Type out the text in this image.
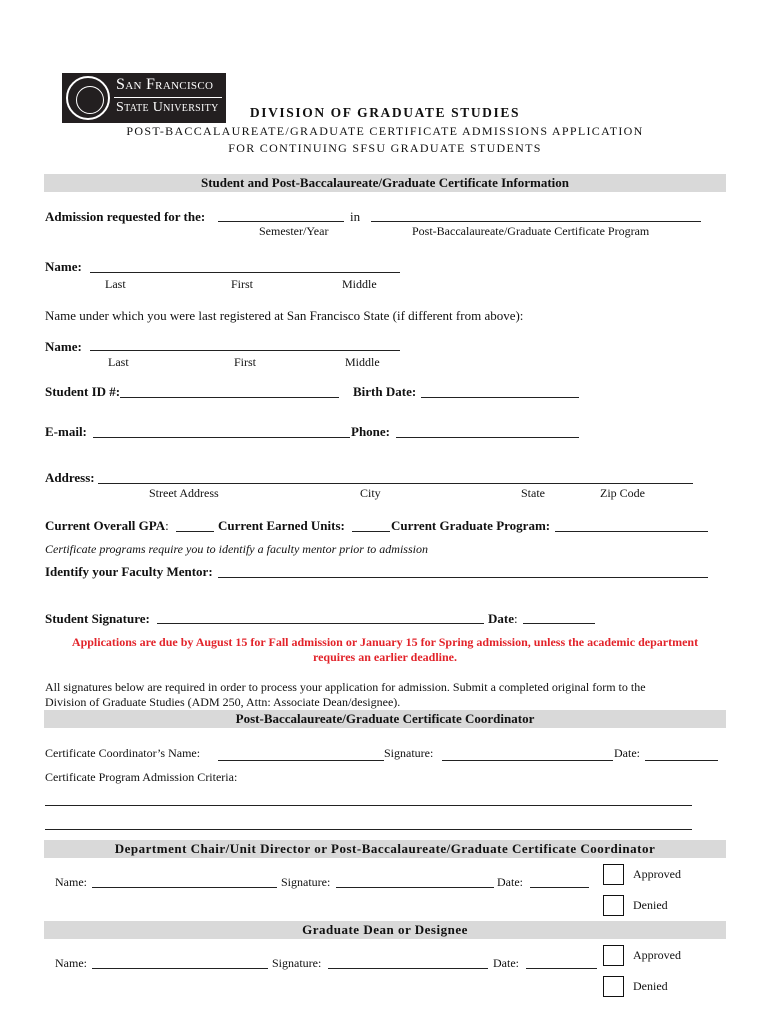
San Francisco
State University	DIVISION OF GRADUATE STUDIES
POST-BACCALAUREATE/GRADUATE CERTIFICATE ADMISSIONS APPLICATION
FOR CONTINUING SFSU GRADUATE STUDENTS
Student and Post-Baccalaureate/Graduate Certificate Information
Admission requested for the:	in
Semester/Year	Post-Baccalaureate/Graduate Certificate Program
Name:
Last	First	Middle
Name under which you were last registered at San Francisco State (if different from above):
Name:
Last	First	Middle
Student ID #:	Birth Date:
E-mail:	Phone:
Address:
Street Address	City	State	Zip Code
Current Overall GPA:	Current Earned Units:	Current Graduate Program:
Certificate programs require you to identify a faculty mentor prior to admission
Identify your Faculty Mentor:
Student Signature:	Date:
Applications are due by August 15 for Fall admission or January 15 for Spring admission, unless the academic department
requires an earlier deadline.
All signatures below are required in order to process your application for admission. Submit a completed original form to the
Division of Graduate Studies (ADM 250, Attn: Associate Dean/designee).
Post-Baccalaureate/Graduate Certificate Coordinator
Certificate Coordinator’s Name:	Signature:	Date:
Certificate Program Admission Criteria:
Department Chair/Unit Director or Post-Baccalaureate/Graduate Certificate Coordinator
Name:	Signature:	Date:
Approved
Denied
Graduate Dean or Designee
Name:	Signature:	Date:
Approved
Denied
